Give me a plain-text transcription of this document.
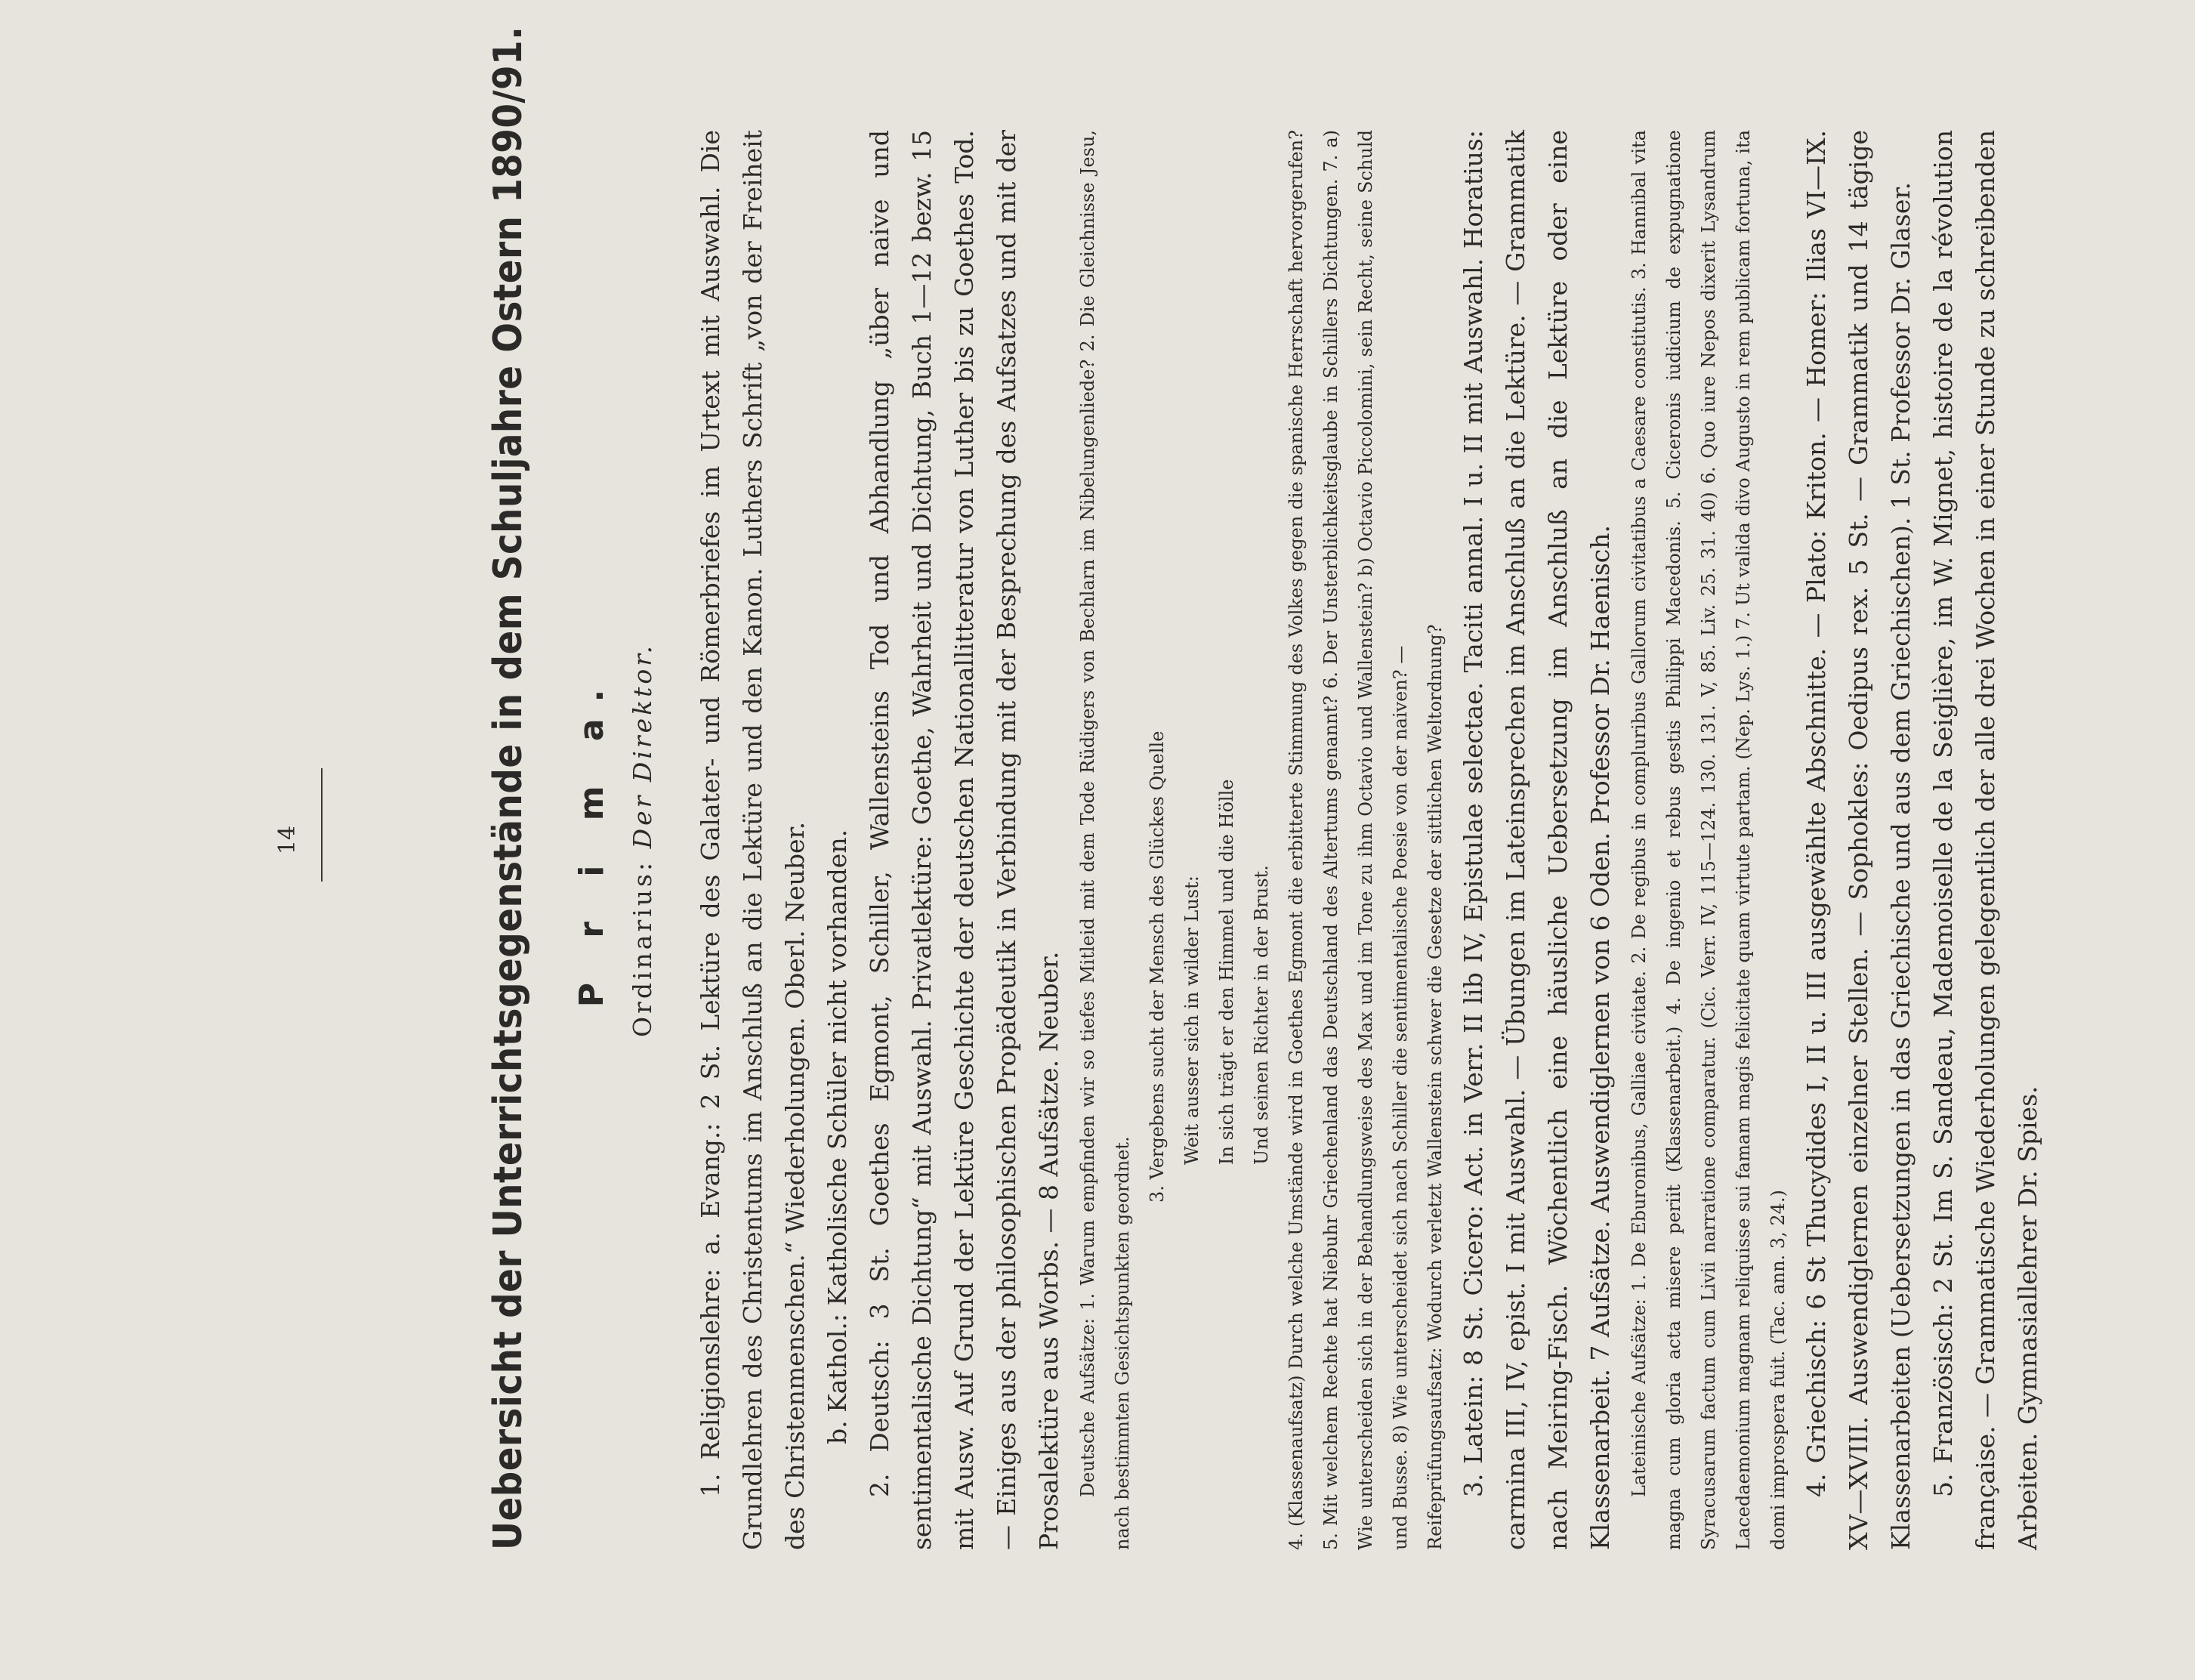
14	Uebersicht der Unterrichtsgegenstände in dem Schuljahre Ostern 1890/91. P r i m a. Ordinarius: Der Direktor. 1. Religionslehre: a. Evang.: 2 St. Lektüre des Galater- und Römerbriefes im Urtext mit Auswahl. Die Grundlehren des Christentums im Anschluß an die Lektüre und den Kanon. Luthers Schrift „von der Freiheit des Christenmenschen.“ Wiederholungen. Oberl. Neuber. b. Kathol.: Katholische Schüler nicht vorhanden. 2. Deutsch: 3 St. Goethes Egmont, Schiller, Wallensteins Tod und Abhandlung „über naive und sentimentalische Dichtung“ mit Auswahl. Privatlektüre: Goethe, Wahrheit und Dichtung, Buch 1—12 bezw. 15 mit Ausw. Auf Grund der Lektüre Geschichte der deutschen Nationallitteratur von Luther bis zu Goethes Tod. — Einiges aus der philosophischen Propädeutik in Verbindung mit der Besprechung des Aufsatzes und mit der Prosalektüre aus Worbs. — 8 Aufsätze. Neuber. Deutsche Aufsätze: 1. Warum empfinden wir so tiefes Mitleid mit dem Tode Rüdigers von Bechlarn im Nibelungenliede? 2. Die Gleichnisse Jesu, nach bestimmten Gesichtspunkten geordnet.

3. Vergebens sucht der Mensch des Glückes Quelle Weit ausser sich in wilder Lust: In sich trägt er den Himmel und die Hölle Und seinen Richter in der Brust. 4. (Klassenaufsatz) Durch welche Umstände wird in Goethes Egmont die erbitterte Stimmung des Volkes gegen die spanische Herrschaft hervorgerufen? 5. Mit welchem Rechte hat Niebuhr Griechenland das Deutschland des Altertums genannt? 6. Der Unsterblichkeitsglaube in Schillers Dichtungen. 7. a) Wie unterscheiden sich in der Behandlungsweise des Max und im Tone zu ihm Octavio und Wallenstein? b) Octavio Piccolomini, sein Recht, seine Schuld und Busse. 8) Wie unterscheidet sich nach Schiller die sentimentalische Poesie von der naiven? — Reifeprüfungsaufsatz: Wodurch verletzt Wallenstein schwer die Gesetze der sittlichen Weltordnung? 3. Latein: 8 St. Cicero: Act. in Verr. II lib IV, Epistulae selectae. Taciti annal. I u. II mit Auswahl. Horatius: carmina III, IV, epist. I mit Auswahl. — Übungen im Lateinsprechen im Anschluß an die Lektüre. — Grammatik nach Meiring-Fisch. Wöchentlich eine häusliche Uebersetzung im Anschluß an die Lektüre oder eine Klassenarbeit. 7 Aufsätze. Auswendiglernen von 6 Oden. Professor Dr. Haenisch. Lateinische Aufsätze: 1. De Eburonibus, Galliae civitate. 2. De regibus in compluribus Gallorum civitatibus a Caesare constitutis. 3. Hannibal vita magna cum gloria acta misere periit (Klassenarbeit.) 4. De ingenio et rebus gestis Philippi Macedonis. 5. Ciceronis iudicium de expugnatione Syracusarum factum cum Livii narratione comparatur. (Cic. Verr. IV, 115—124. 130. 131. V, 85. Liv. 25. 31. 40) 6. Quo iure Nepos dixerit Lysandrum Lacedaemonium magnam reliquisse sui famam magis felicitate quam virtute partam. (Nep. Lys. 1.) 7. Ut valida divo Augusto in rem publicam fortuna, ita domi improspera fuit. (Tac. ann. 3, 24.) 4. Griechisch: 6 St Thucydides I, II u. III ausgewählte Abschnitte. — Plato: Kriton. — Homer: Ilias VI—IX. XV—XVIII. Auswendiglernen einzelner Stellen. — Sophokles: Oedipus rex. 5 St. — Grammatik und 14 tägige Klassenarbeiten (Uebersetzungen in das Griechische und aus dem Griechischen). 1 St. Professor Dr. Glaser. 5. Französisch: 2 St. Im S. Sandeau, Mademoiselle de la Seiglière, im W. Mignet, histoire de la révolution française. — Grammatische Wiederholungen gelegentlich der alle drei Wochen in einer Stunde zu schreibenden Arbeiten. Gymnasiallehrer Dr. Spies.
